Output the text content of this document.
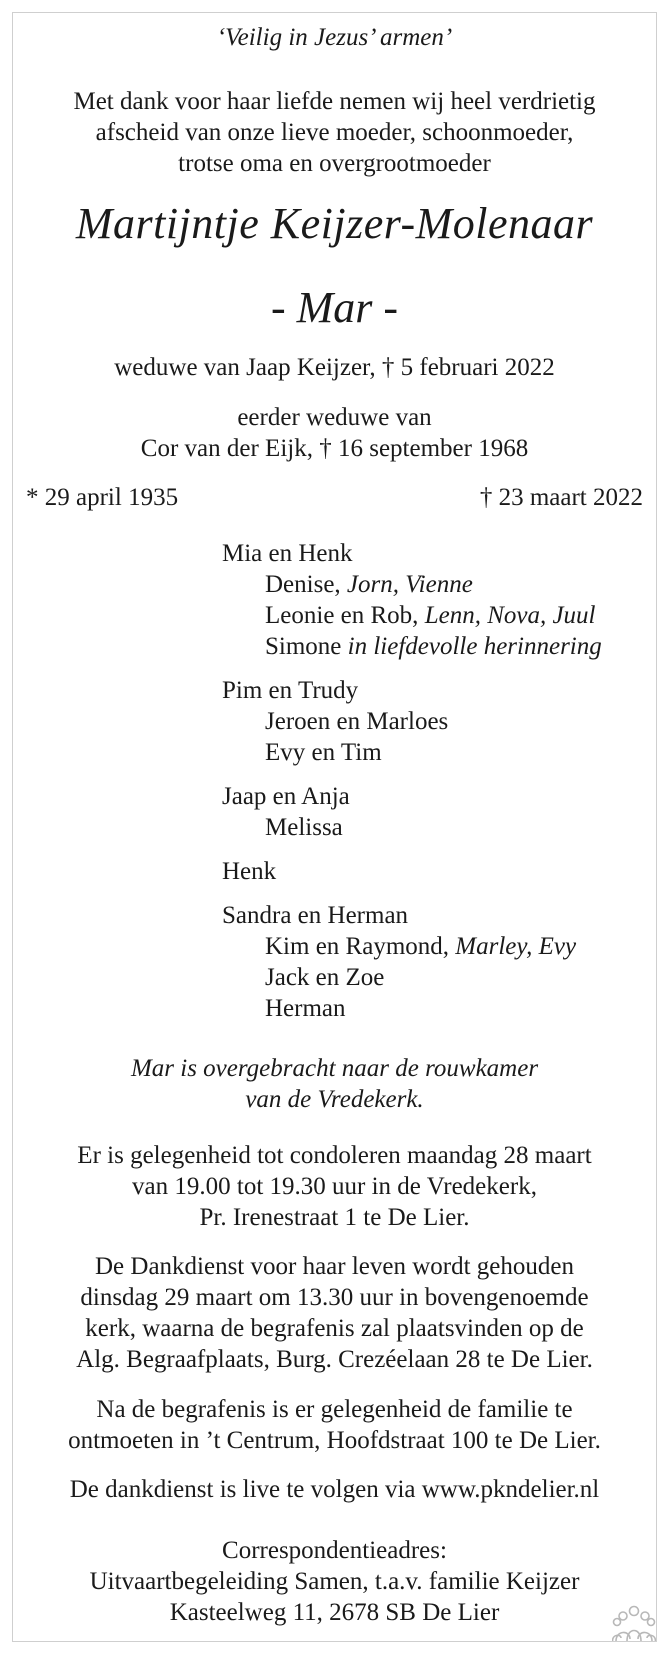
‘Veilig in Jezus’ armen’
Met dank voor haar liefde nemen wij heel verdrietig
afscheid van onze lieve moeder, schoonmoeder,
trotse oma en overgrootmoeder
Martijntje Keijzer-Molenaar
- Mar -
weduwe van Jaap Keijzer, † 5 februari 2022
eerder weduwe van
Cor van der Eijk, † 16 september 1968
* 29 april 1935	† 23 maart 2022
Mia en Henk
Denise, Jorn, Vienne
Leonie en Rob, Lenn, Nova, Juul
Simone in liefdevolle herinnering
Pim en Trudy
Jeroen en Marloes
Evy en Tim
Jaap en Anja
Melissa
Henk
Sandra en Herman
Kim en Raymond, Marley, Evy
Jack en Zoe
Herman
Mar is overgebracht naar de rouwkamer
van de Vredekerk.
Er is gelegenheid tot condoleren maandag 28 maart
van 19.00 tot 19.30 uur in de Vredekerk,
Pr. Irenestraat 1 te De Lier.
De Dankdienst voor haar leven wordt gehouden
dinsdag 29 maart om 13.30 uur in bovengenoemde
kerk, waarna de begrafenis zal plaatsvinden op de
Alg. Begraafplaats, Burg. Crezéelaan 28 te De Lier.
Na de begrafenis is er gelegenheid de familie te
ontmoeten in ’t Centrum, Hoofdstraat 100 te De Lier.
De dankdienst is live te volgen via www.pkndelier.nl
Correspondentieadres:
Uitvaartbegeleiding Samen, t.a.v. familie Keijzer
Kasteelweg 11, 2678 SB De Lier
